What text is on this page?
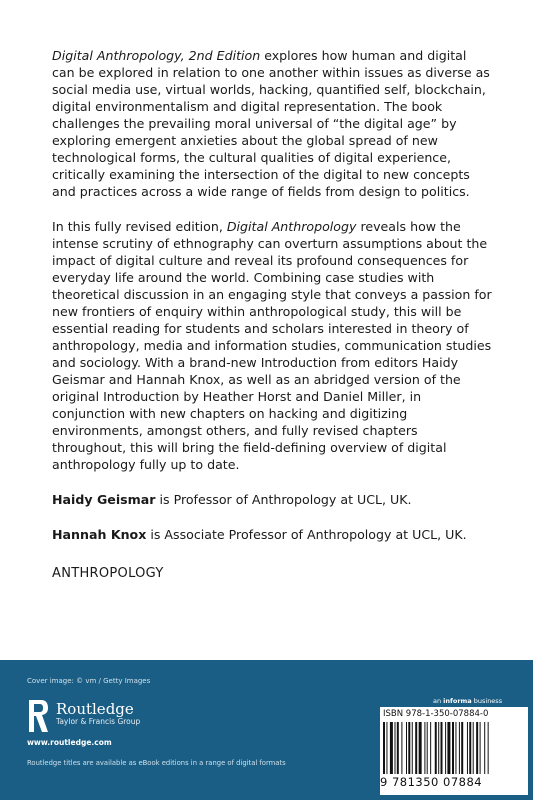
Digital Anthropology, 2nd Edition explores how human and digital can be explored in relation to one another within issues as diverse as social media use, virtual worlds, hacking, quantified self, blockchain, digital environmentalism and digital representation. The book challenges the prevailing moral universal of “the digital age” by exploring emergent anxieties about the global spread of new technological forms, the cultural qualities of digital experience, critically examining the intersection of the digital to new concepts and practices across a wide range of fields from design to politics.

In this fully revised edition, Digital Anthropology reveals how the intense scrutiny of ethnography can overturn assumptions about the impact of digital culture and reveal its profound consequences for everyday life around the world. Combining case studies with theoretical discussion in an engaging style that conveys a passion for new frontiers of enquiry within anthropological study, this will be essential reading for students and scholars interested in theory of anthropology, media and information studies, communication studies and sociology. With a brand-new Introduction from editors Haidy Geismar and Hannah Knox, as well as an abridged version of the original Introduction by Heather Horst and Daniel Miller, in conjunction with new chapters on hacking and digitizing environments, amongst others, and fully revised chapters throughout, this will bring the field-defining overview of digital anthropology fully up to date.

Haidy Geismar is Professor of Anthropology at UCL, UK.

Hannah Knox is Associate Professor of Anthropology at UCL, UK.

ANTHROPOLOGY
Cover image: © vm / Getty Images
Routledge
Taylor & Francis Group
www.routledge.com
Routledge titles are available as eBook editions in a range of digital formats
an informa business
ISBN 978-1-350-07884-0
9 781350 07884
